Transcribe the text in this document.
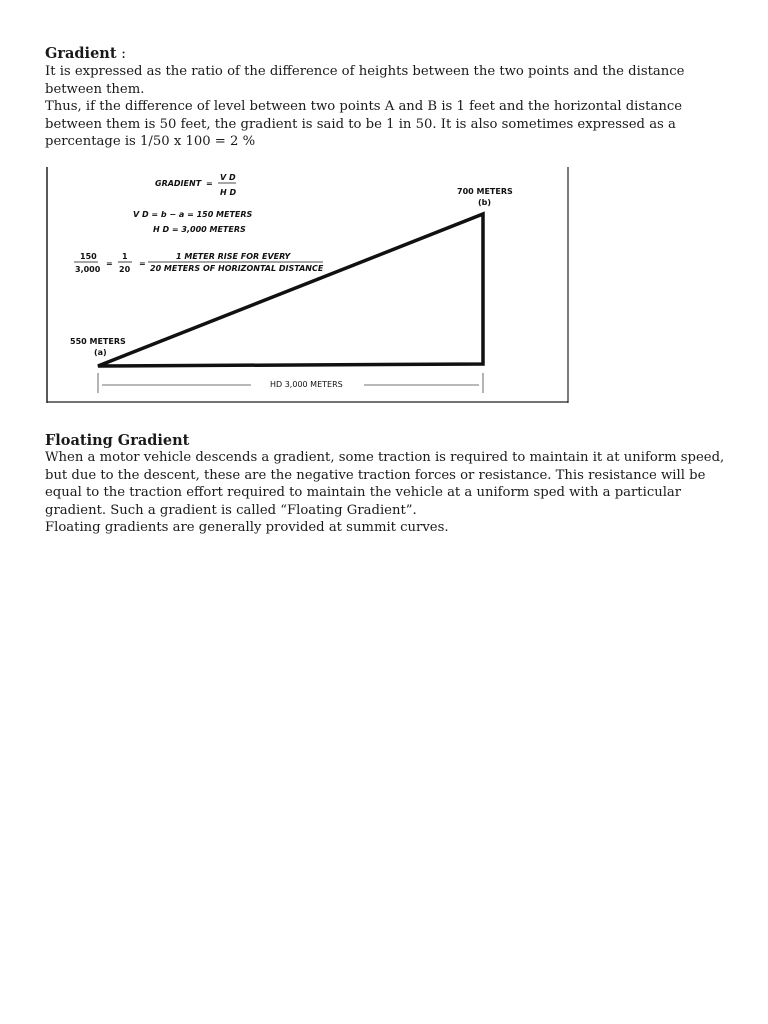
Gradient :

It is expressed as the ratio of the difference of heights between the two points and the distance between them.

Thus, if the difference of level between two points A and B is 1 feet and the horizontal distance between them is 50 feet, the gradient is said to be 1 in 50. It is also sometimes expressed as a percentage is 1/50 x 100 = 2 %

GRADIENT =
V D
H D
V D = b − a = 150 METERS
H D = 3,000 METERS
150
3,000
=
1
20
=
1 METER RISE FOR EVERY
20 METERS OF HORIZONTAL DISTANCE
700 METERS
(b)
550 METERS
(a)
HD 3,000 METERS

Floating Gradient

When a motor vehicle descends a gradient, some traction is required to maintain it at uniform speed, but due to the descent, these are the negative traction forces or resistance. This resistance will be equal to the traction effort required to maintain the vehicle at a uniform sped with a particular gradient. Such a gradient is called “Floating Gradient”.

Floating gradients are generally provided at summit curves.
